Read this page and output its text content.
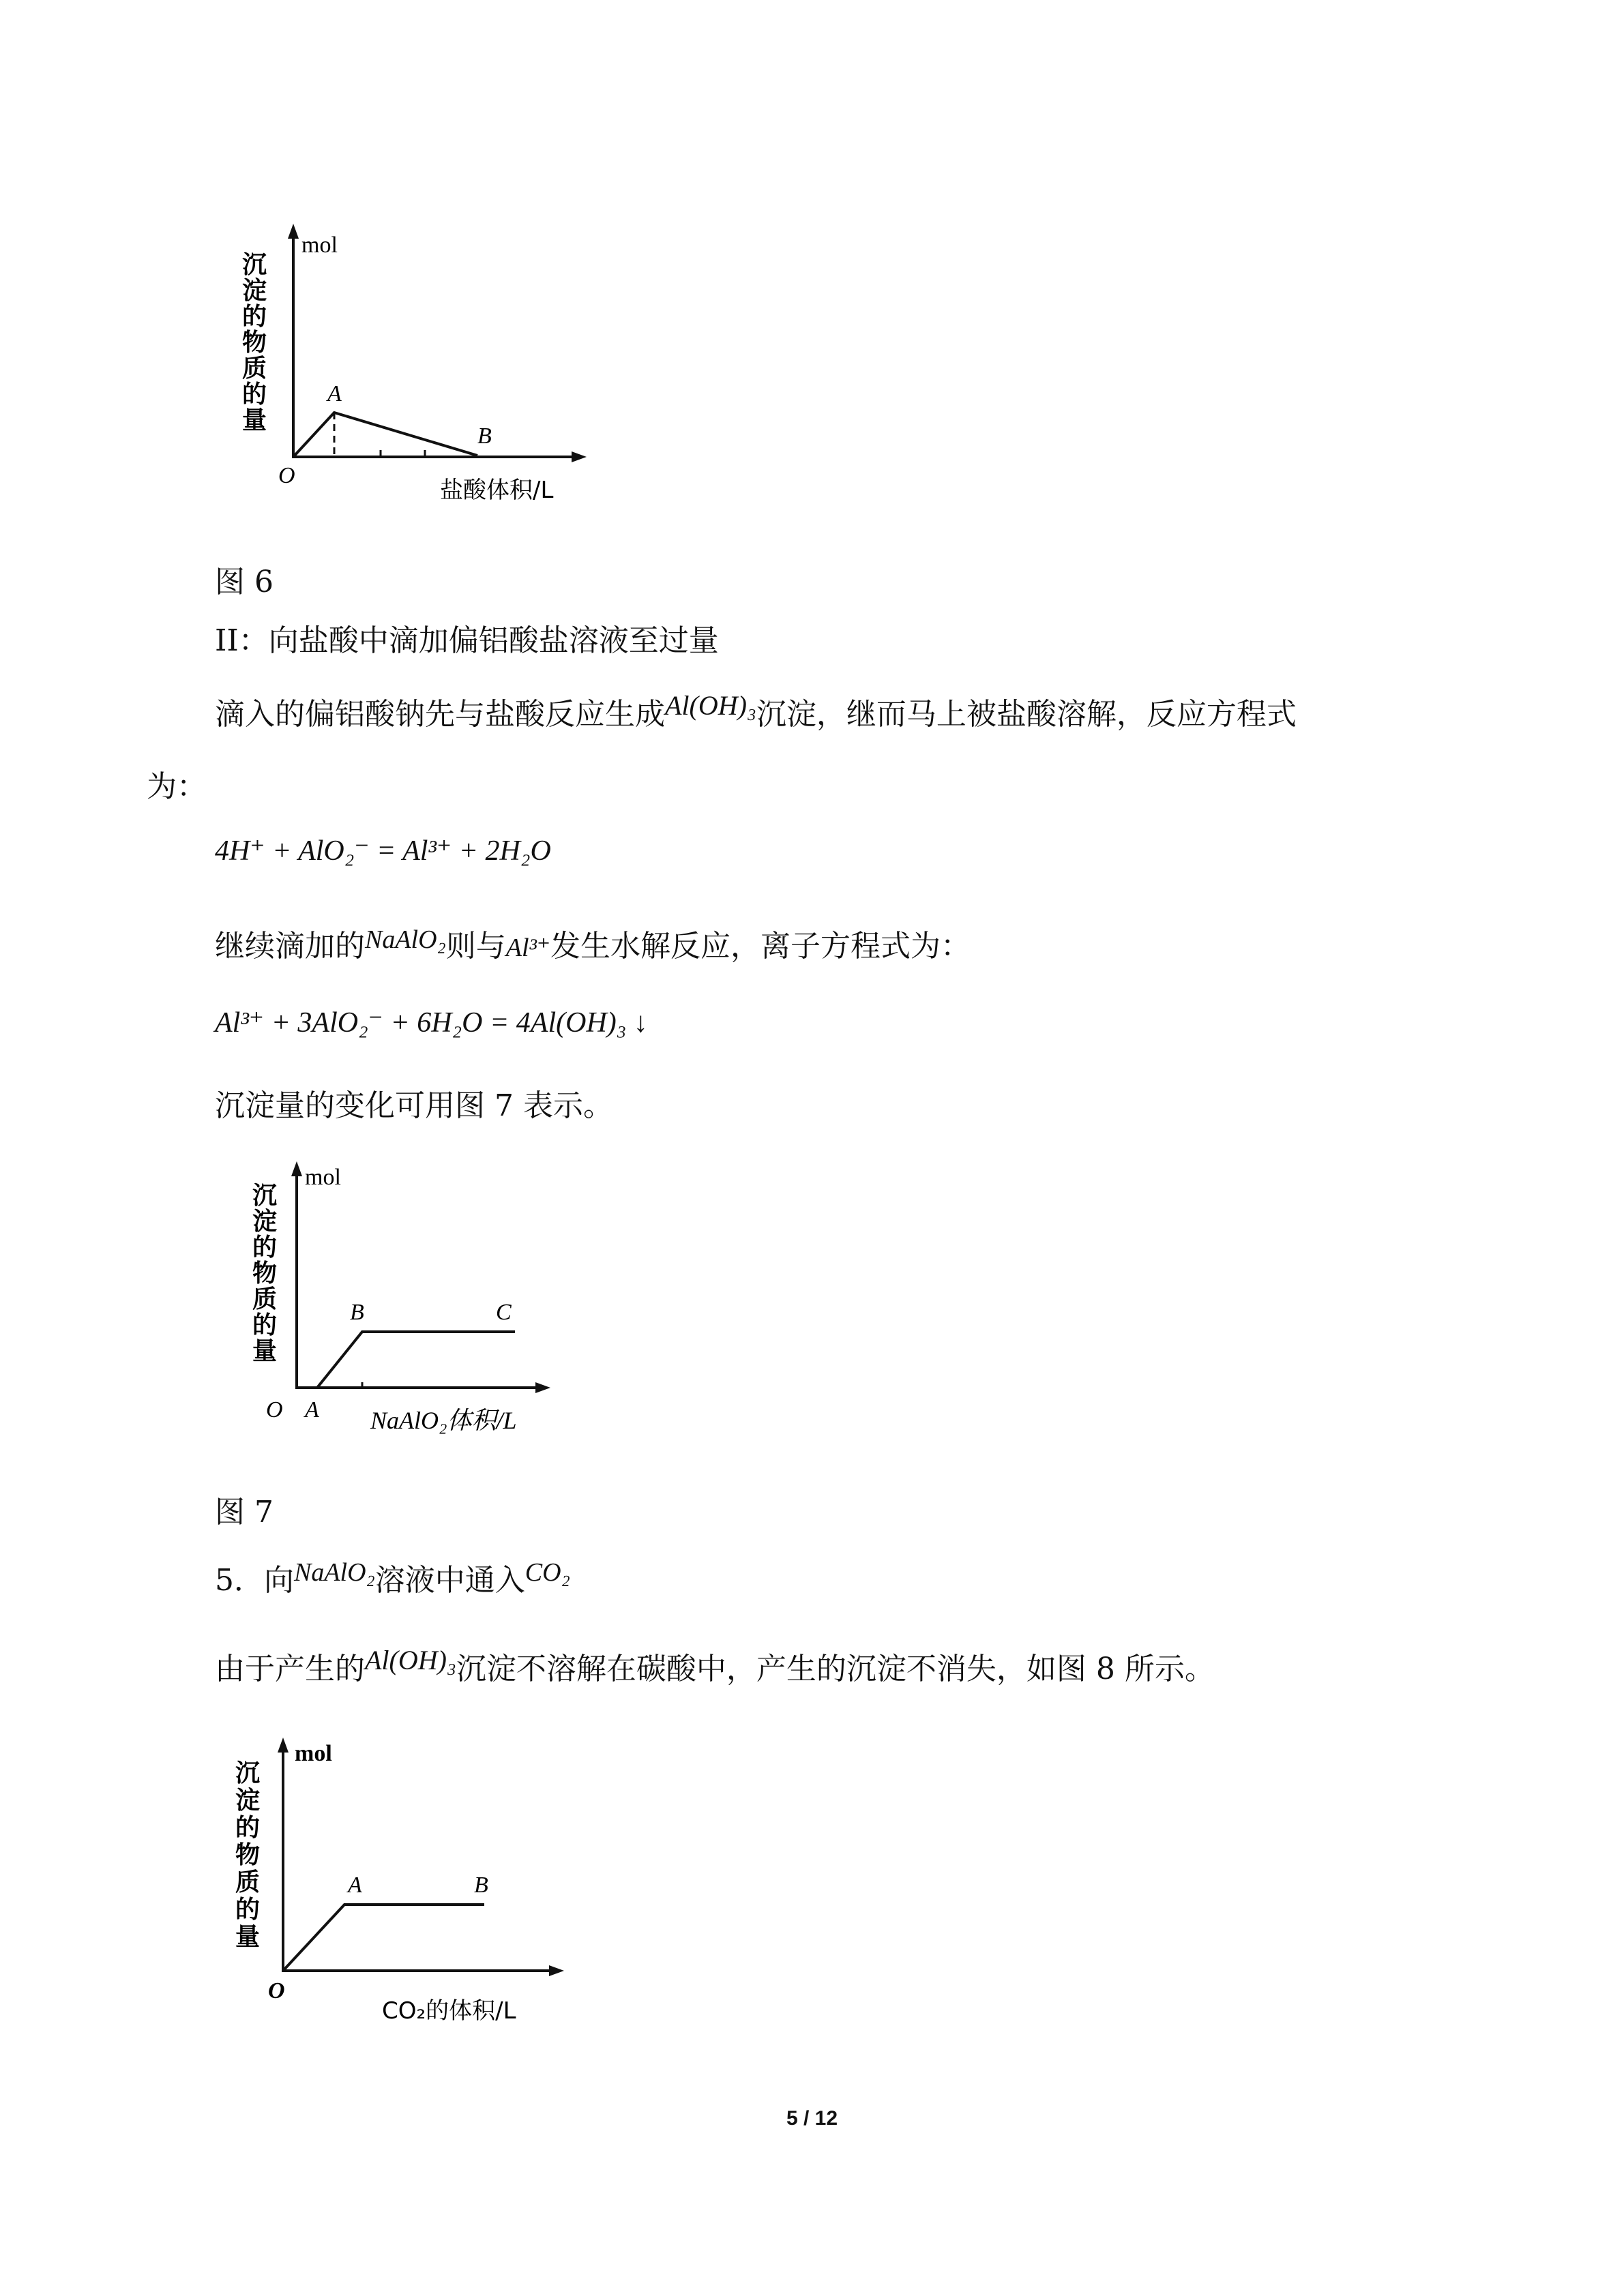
mol
A
B
O
盐酸体积/L
沉
淀
的
物
质
的
量
图 6
II：向盐酸中滴加偏铝酸盐溶液至过量
滴入的偏铝酸钠先与盐酸反应生成Al(OH)₃沉淀，继而马上被盐酸溶解，反应方程式
为：
4H⁺ + AlO₂⁻ = Al³⁺ + 2H₂O
继续滴加的NaAlO₂则与Al³⁺发生水解反应，离子方程式为：
Al³⁺ + 3AlO₂⁻ + 6H₂O = 4Al(OH)₃ ↓
沉淀量的变化可用图 7 表示。
mol
B	C
O A NaAlO₂体积/L
沉
淀
的
物
质
的
量
图 7
5．向NaAlO₂溶液中通入CO₂
由于产生的Al(OH)₃沉淀不溶解在碳酸中，产生的沉淀不消失，如图 8 所示。
mol
A	B
O
CO₂的体积/L
沉
淀
的
物
质
的
量
5 / 12
